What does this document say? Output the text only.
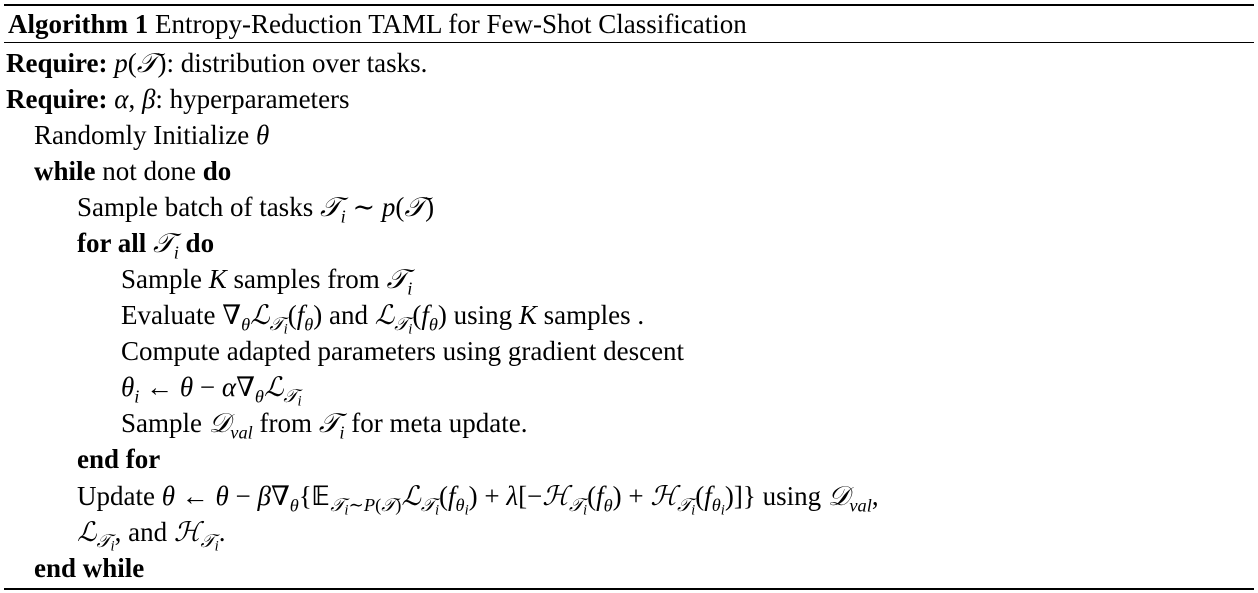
Algorithm 1 Entropy-Reduction TAML for Few-Shot Classification
Require: p(𝒯): distribution over tasks.
Require: α, β: hyperparameters
Randomly Initialize θ
while not done do
Sample batch of tasks 𝒯$_i$ ∼ p(𝒯)
for all 𝒯$_i$ do
Sample K samples from 𝒯$_i$
Evaluate $\nabla_\theta ℒ_{𝒯_i}(f_\theta)$ and $ℒ_{𝒯_i}(f_\theta)$ using K samples .
Compute adapted parameters using gradient descent
$\theta_i$ ← $\theta - \alpha\nabla_\theta ℒ_{𝒯_i}$
Sample 𝒟$_{val}$ from 𝒯$_i$ for meta update.
end for
Update θ ← $\theta - \beta\nabla_\theta\{𝔼_{𝒯_i\sim P(𝒯)}ℒ_{𝒯_i}(f_{\theta_i})$ + $\lambda[-ℋ_{𝒯_i}(f_\theta)$ + $ℋ_{𝒯_i}(f_{\theta_i})$]} using 𝒟$_{val}$,
ℒ$_{𝒯_i}$, and ℋ$_{𝒯_i}$.
end while
